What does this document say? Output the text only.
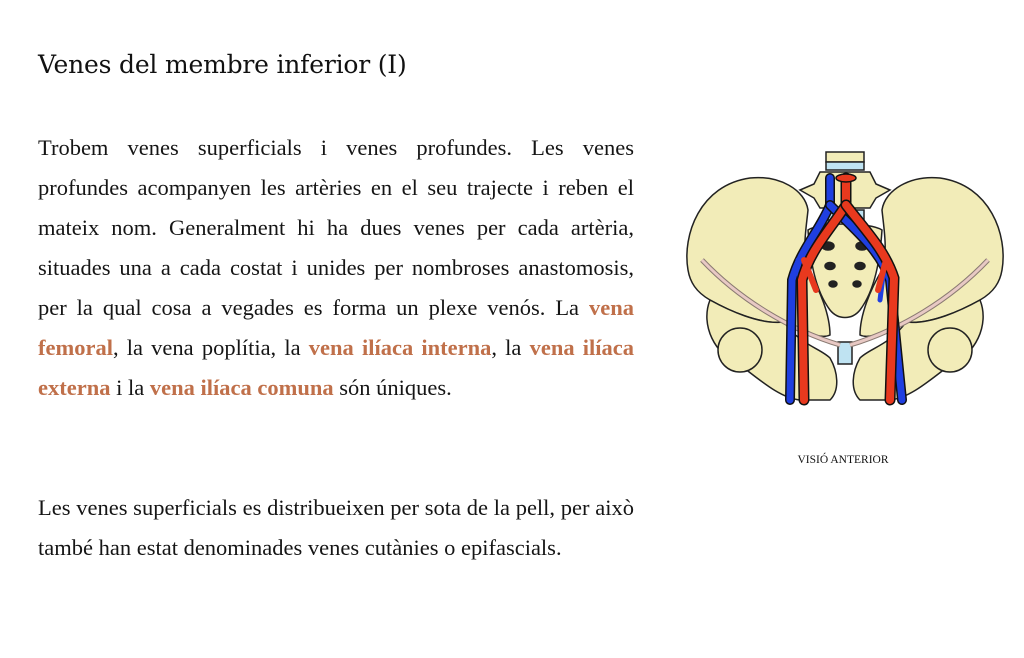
Venes del membre inferior (I)

Trobem venes superficials i venes profundes. Les venes profundes acompanyen les artèries en el seu trajecte i reben el mateix nom. Generalment hi ha dues venes per cada artèria, situades una a cada costat i unides per nombroses anastomosis, per la qual cosa a vegades es forma un plexe venós. La vena femoral, la vena poplítia, la vena ilíaca interna, la vena ilíaca externa i la vena ilíaca comuna són úniques.

Les venes superficials es distribueixen per sota de la pell, per això també han estat denominades venes cutànies o epifascials.

VISIÓ ANTERIOR
